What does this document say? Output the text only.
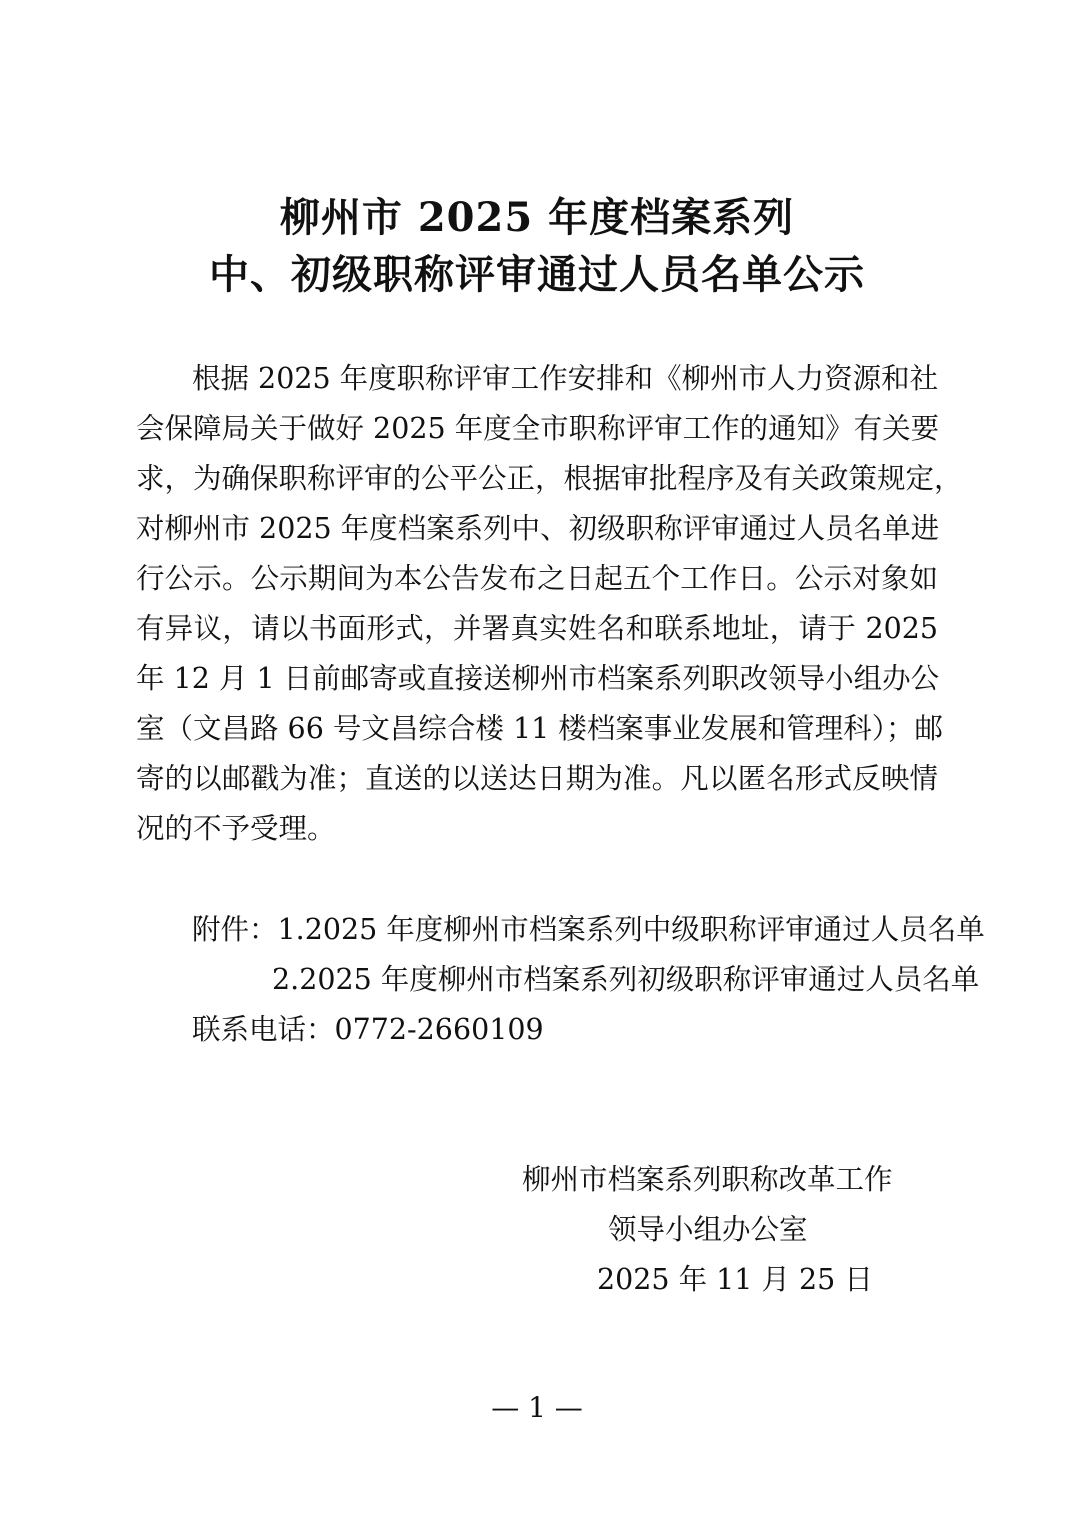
柳州市 2025 年度档案系列
中、初级职称评审通过人员名单公示
根据 2025 年度职称评审工作安排和《柳州市人力资源和社
会保障局关于做好 2025 年度全市职称评审工作的通知》有关要
求，为确保职称评审的公平公正，根据审批程序及有关政策规定，
对柳州市 2025 年度档案系列中、初级职称评审通过人员名单进
行公示。公示期间为本公告发布之日起五个工作日。公示对象如
有异议，请以书面形式，并署真实姓名和联系地址，请于 2025
年 12 月 1 日前邮寄或直接送柳州市档案系列职改领导小组办公
室（文昌路 66 号文昌综合楼 11 楼档案事业发展和管理科）；邮
寄的以邮戳为准；直送的以送达日期为准。凡以匿名形式反映情
况的不予受理。
附件：1.2025 年度柳州市档案系列中级职称评审通过人员名单
2.2025 年度柳州市档案系列初级职称评审通过人员名单
联系电话：0772-2660109
柳州市档案系列职称改革工作
领导小组办公室
2025 年 11 月 25 日
— 1 —
